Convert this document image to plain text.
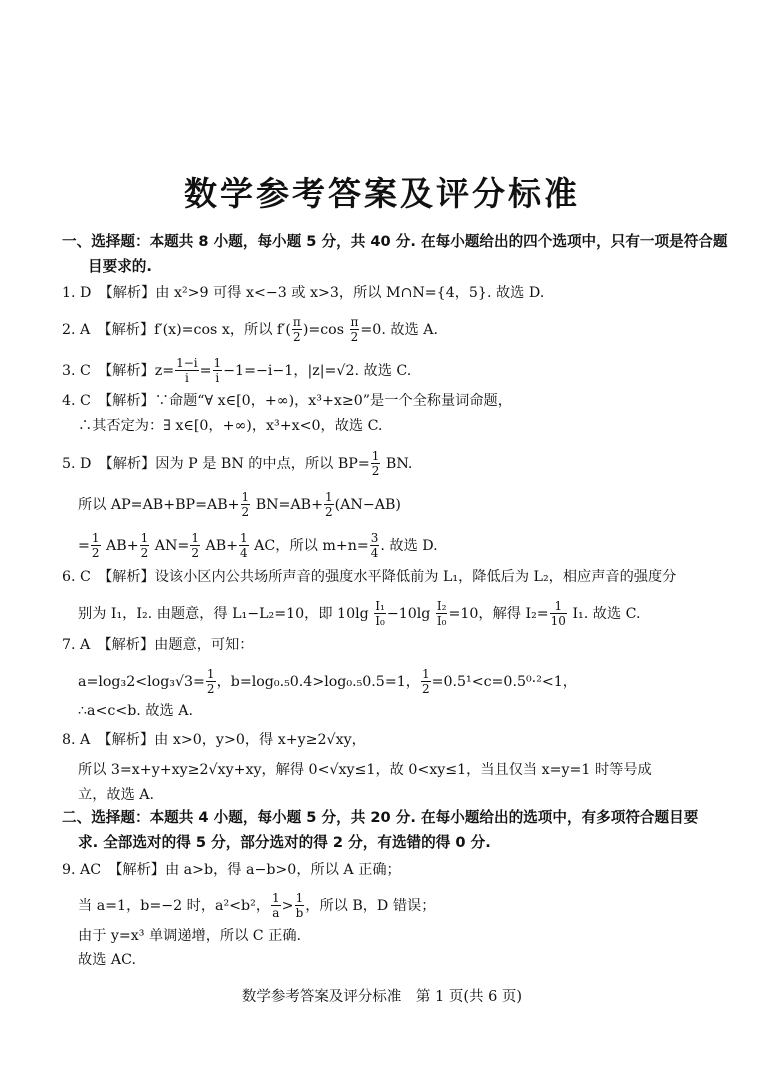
数学参考答案及评分标准
一、选择题：本题共 8 小题，每小题 5 分，共 40 分. 在每小题给出的四个选项中，只有一项是符合题
目要求的.
1. D　【解析】由 x²>9 可得 x<−3 或 x>3，所以 M∩N={4，5}. 故选 D.
2. A　【解析】f′(x)=cos x，所以 $f'( \frac{\pi}{2} )=\cos \frac{\pi}{2} =0$. 故选 A.
3. C　【解析】$z= \frac{1-i}{i} = \frac{1}{i} -1=-i-1$，|z|=√2. 故选 C.
4. C　【解析】∵命题“∀ x∈[0，+∞)，x³+x≥0”是一个全称量词命题，
∴其否定为：∃ x∈[0，+∞)，x³+x<0，故选 C.
5. D　【解析】因为 P 是 BN 的中点，所以 $BP= \frac{1}{2}$ BN.
所以 $AP=AB+BP=AB+ \frac{1}{2} BN=AB+ \frac{1}{2} (AN-AB)$
= $\frac{1}{2} AB+ \frac{1}{2} AN= \frac{1}{2} AB+ \frac{1}{4}$ AC，所以 $m+n= \frac{3}{4}$ . 故选 D.
6. C　【解析】设该小区内公共场所声音的强度水平降低前为 L₁，降低后为 L₂，相应声音的强度分
别为 I₁，I₂. 由题意，得 L₁−L₂=10，即 $10\lg \frac{\text{I₁}}{\text{I₀}} -10\lg \frac{\text{I₂}}{\text{I₀}} =10$，解得 $I_2= \frac{1}{10} I_1$. 故选 C.
7. A　【解析】由题意，可知：
$a=\log_32<\log_3√3= \frac{1}{2}$ ，b=log₀.₅0.4>log₀.₅0.5=1， $\frac{1}{2} =0.5^1<c=0.5^0\cdot^2<1$，
∴a<c<b. 故选 A.
8. A　【解析】由 x>0，y>0，得 x+y≥2√xy，
所以 3=x+y+xy≥2√xy+xy，解得 0<√xy≤1，故 0<xy≤1，当且仅当 x=y=1 时等号成
立，故选 A.
二、选择题：本题共 4 小题，每小题 5 分，共 20 分. 在每小题给出的选项中，有多项符合题目要
求. 全部选对的得 5 分，部分选对的得 2 分，有选错的得 0 分.
9. AC　【解析】由 a>b，得 a−b>0，所以 A 正确；
当 a=1，b=−2 时，a²<b²， $\frac{1}{a} > \frac{1}{b}$ ，所以 B，D 错误；
由于 y=x³ 单调递增，所以 C 正确.
故选 AC.
数学参考答案及评分标准　第 1 页(共 6 页)
